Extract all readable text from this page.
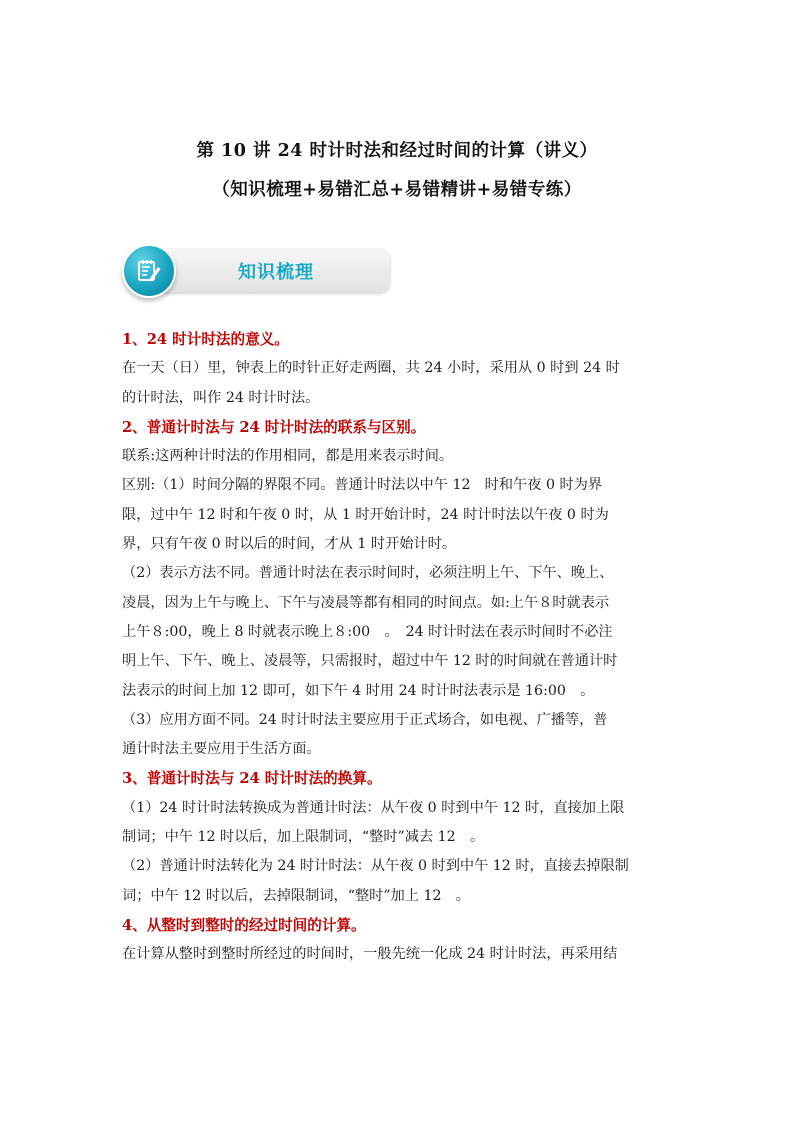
第 10 讲 24 时计时法和经过时间的计算（讲义）
（知识梳理+易错汇总+易错精讲+易错专练）
知识梳理

1、24 时计时法的意义。

在一天（日）里，钟表上的时针正好走两圈，共 24 小时，采用从 0 时到 24 时

的计时法，叫作 24 时计时法。

2、普通计时法与 24 时计时法的联系与区别。

联系:这两种计时法的作用相同，都是用来表示时间。

区别:（1）时间分隔的界限不同。普通计时法以中午 12　时和午夜 0 时为界

限，过中午 12 时和午夜 0 时，从 1 时开始计时，24 时计时法以午夜 0 时为

界，只有午夜 0 时以后的时间，才从 1 时开始计时。

（2）表示方法不同。普通计时法在表示时间时，必须注明上午、下午、晚上、

凌晨，因为上午与晚上、下午与凌晨等都有相同的时间点。如:上午８时就表示

上午８:00，晚上 8 时就表示晚上８:00　。　24 时计时法在表示时间时不必注

明上午、下午、晚上、凌晨等，只需报时，超过中午 12 时的时间就在普通计时

法表示的时间上加 12 即可，如下午 4 时用 24 时计时法表示是 16:00　。

（3）应用方面不同。24 时计时法主要应用于正式场合，如电视、广播等，普

通计时法主要应用于生活方面。

3、普通计时法与 24 时计时法的换算。

（1）24 时计时法转换成为普通计时法：从午夜 0 时到中午 12 时，直接加上限

制词；中午 12 时以后，加上限制词，“整时”减去 12　。

（2）普通计时法转化为 24 时计时法：从午夜 0 时到中午 12 时，直接去掉限制

词；中午 12 时以后，去掉限制词，“整时”加上 12　。

4、从整时到整时的经过时间的计算。

在计算从整时到整时所经过的时间时，一般先统一化成 24 时计时法，再采用结
